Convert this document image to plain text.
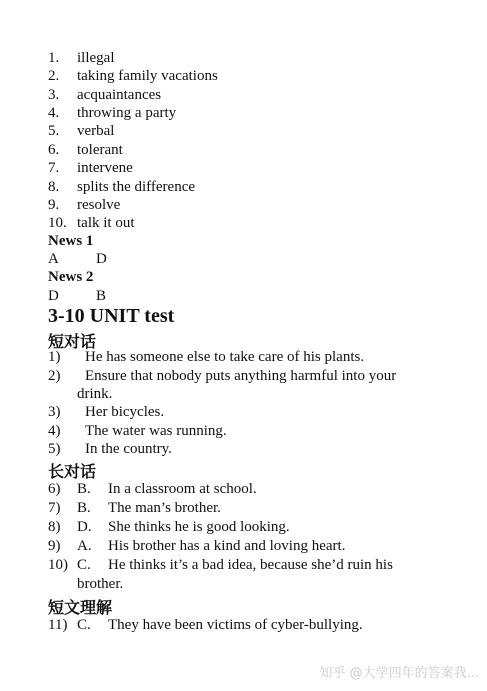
1. illegal
2. taking family vacations
3. acquaintances
4. throwing a party
5. verbal
6. tolerant
7. intervene
8. splits the difference
9. resolve
10. talk it out
News 1
A D
News 2
D B
3-10 UNIT test
短对话
1) He has someone else to take care of his plants.
2) Ensure that nobody puts anything harmful into your
drink.
3) Her bicycles.
4) The water was running.
5) In the country.
长对话
6) B. In a classroom at school.
7) B. The man’s brother.
8) D. She thinks he is good looking.
9) A. His brother has a kind and loving heart.
10) C. He thinks it’s a bad idea, because she’d ruin his
brother.
短文理解
11) C. They have been victims of cyber-bullying.
知乎 @大学四年的答案我...
